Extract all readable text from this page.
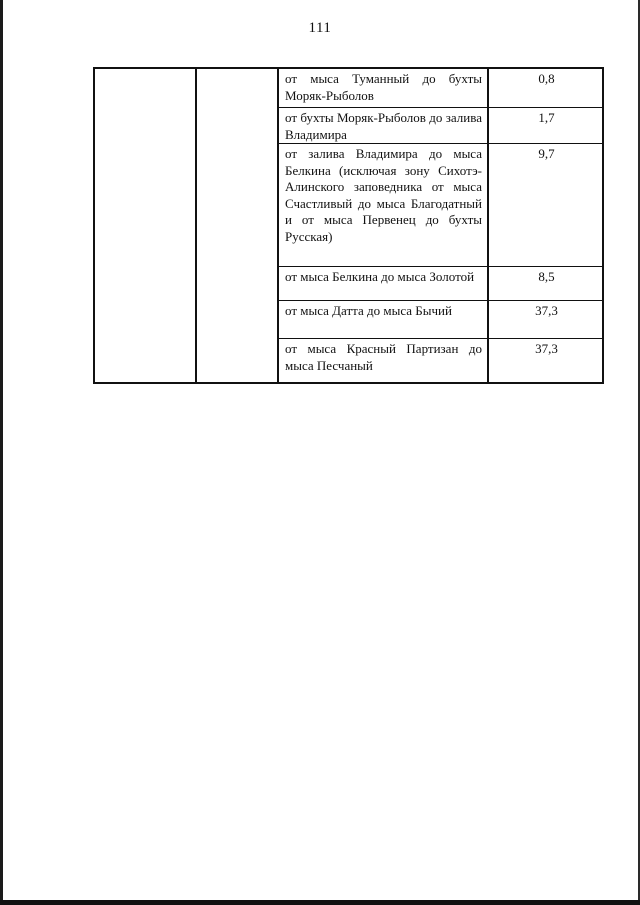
111
от мыса Туманный до бухты Моряк-Рыболов
0,8
от бухты Моряк-Рыболов до залива Владимира
1,7
от залива Владимира до мыса Белкина (исключая зону Сихотэ-Алинского заповедника от мыса Счастливый до мыса Благодатный и от мыса Первенец до бухты Русская)
9,7
от мыса Белкина до мыса Золотой	8,5
от мыса Датта до мыса Бычий	37,3
от мыса Красный Партизан до мыса Песчаный
37,3
